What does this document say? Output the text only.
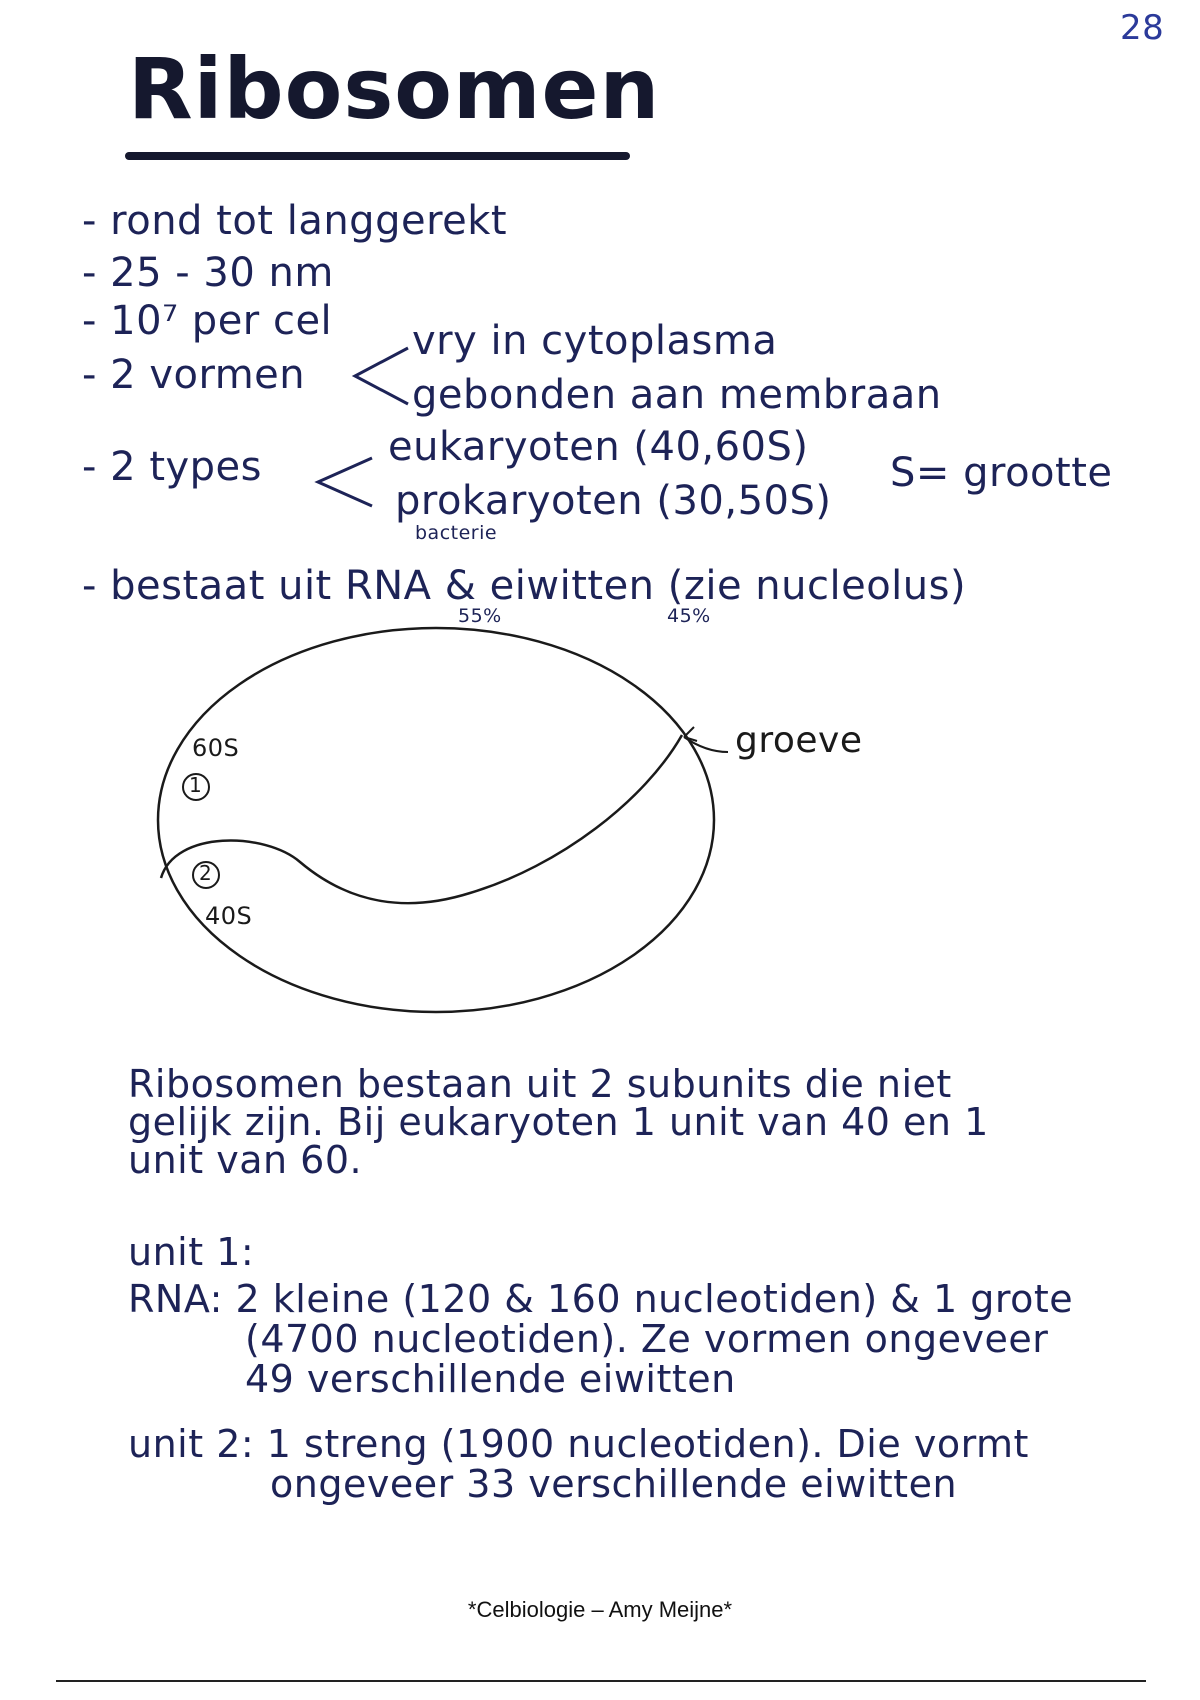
28
Ribosomen
- rond tot langgerekt
- 25 - 30 nm
- 10⁷ per cel
- 2 vormen
vry in cytoplasma
gebonden aan membraan
- 2 types	eukaryoten (40,60S)
prokaryoten (30,50S)
bacterie
S= grootte
- bestaat uit RNA & eiwitten (zie nucleolus)
55%	45%
60S
1
2
40S
groeve
Ribosomen bestaan uit 2 subunits die niet
gelijk zijn. Bij eukaryoten 1 unit van 40 en 1
unit van 60.
unit 1:
RNA: 2 kleine (120 & 160 nucleotiden) & 1 grote
(4700 nucleotiden). Ze vormen ongeveer
49 verschillende eiwitten
unit 2: 1 streng (1900 nucleotiden). Die vormt
ongeveer 33 verschillende eiwitten
*Celbiologie – Amy Meijne*
